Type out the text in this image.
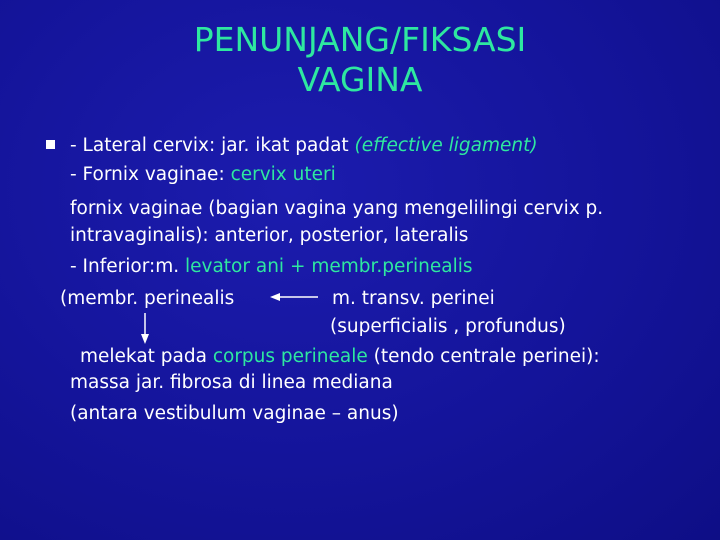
PENUNJANG/FIKSASI
VAGINA
- Lateral cervix: jar. ikat padat (effective ligament)
- Fornix vaginae: cervix uteri
fornix vaginae (bagian vagina yang mengelilingi cervix p.
intravaginalis): anterior, posterior, lateralis
- Inferior:m. levator ani + membr.perinealis
(membr. perinealis	m. transv. perinei
(superficialis , profundus)
melekat pada corpus perineale (tendo centrale perinei):
massa jar. fibrosa di linea mediana
(antara vestibulum vaginae – anus)
